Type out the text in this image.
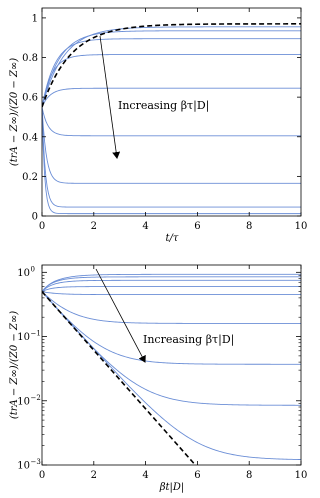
0	2	4	6	8	10
0
0.2
0.4
0.6
0.8
1
Increasing βτ|D|
t/τ
(trA − Z∞)/(Z0 − Z∞)
0	2	4	6	8	10
10 −3
10 −2
10 −1
10 0
Increasing βτ|D|
βt|D|
(trA − Z∞)/(Z0 − Z∞)
